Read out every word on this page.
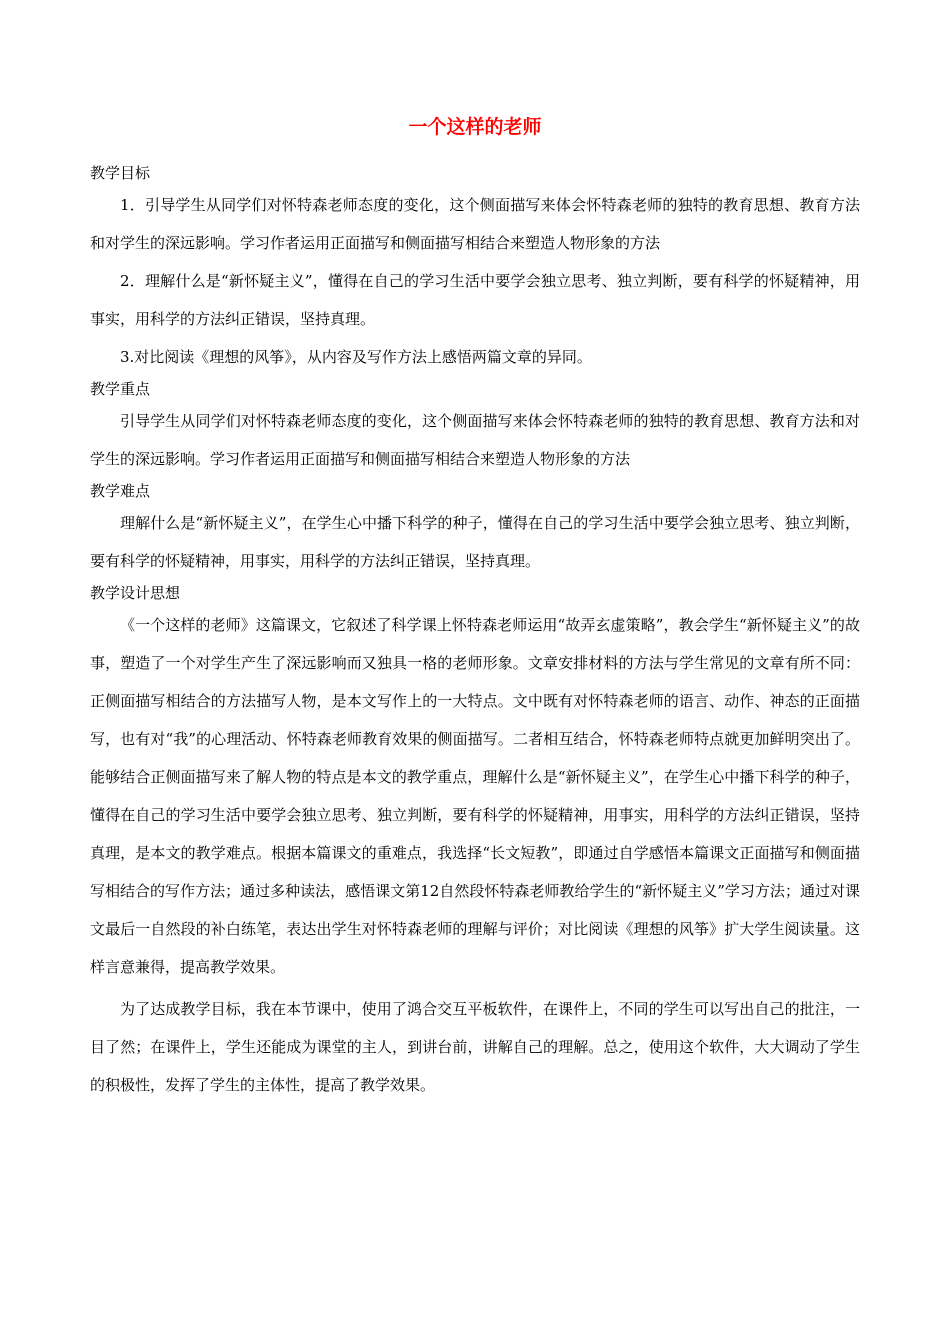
一个这样的老师
教学目标

1．引导学生从同学们对怀特森老师态度的变化，这个侧面描写来体会怀特森老师的独特的教育思想、教育方法和对学生的深远影响。学习作者运用正面描写和侧面描写相结合来塑造人物形象的方法

2．理解什么是“新怀疑主义”，懂得在自己的学习生活中要学会独立思考、独立判断，要有科学的怀疑精神，用事实，用科学的方法纠正错误，坚持真理。

3.对比阅读《理想的风筝》，从内容及写作方法上感悟两篇文章的异同。

教学重点

引导学生从同学们对怀特森老师态度的变化，这个侧面描写来体会怀特森老师的独特的教育思想、教育方法和对学生的深远影响。学习作者运用正面描写和侧面描写相结合来塑造人物形象的方法

教学难点

理解什么是“新怀疑主义”，在学生心中播下科学的种子，懂得在自己的学习生活中要学会独立思考、独立判断，要有科学的怀疑精神，用事实，用科学的方法纠正错误，坚持真理。

教学设计思想

《一个这样的老师》这篇课文，它叙述了科学课上怀特森老师运用“故弄玄虚策略”，教会学生“新怀疑主义”的故事，塑造了一个对学生产生了深远影响而又独具一格的老师形象。文章安排材料的方法与学生常见的文章有所不同：正侧面描写相结合的方法描写人物，是本文写作上的一大特点。文中既有对怀特森老师的语言、动作、神态的正面描写，也有对“我”的心理活动、怀特森老师教育效果的侧面描写。二者相互结合，怀特森老师特点就更加鲜明突出了。能够结合正侧面描写来了解人物的特点是本文的教学重点，理解什么是“新怀疑主义”，在学生心中播下科学的种子，懂得在自己的学习生活中要学会独立思考、独立判断，要有科学的怀疑精神，用事实，用科学的方法纠正错误，坚持真理，是本文的教学难点。根据本篇课文的重难点，我选择“长文短教”，即通过自学感悟本篇课文正面描写和侧面描写相结合的写作方法；通过多种读法，感悟课文第12自然段怀特森老师教给学生的“新怀疑主义”学习方法；通过对课文最后一自然段的补白练笔，表达出学生对怀特森老师的理解与评价；对比阅读《理想的风筝》扩大学生阅读量。这样言意兼得，提高教学效果。

为了达成教学目标，我在本节课中，使用了鸿合交互平板软件，在课件上，不同的学生可以写出自己的批注，一目了然；在课件上，学生还能成为课堂的主人，到讲台前，讲解自己的理解。总之，使用这个软件，大大调动了学生的积极性，发挥了学生的主体性，提高了教学效果。
